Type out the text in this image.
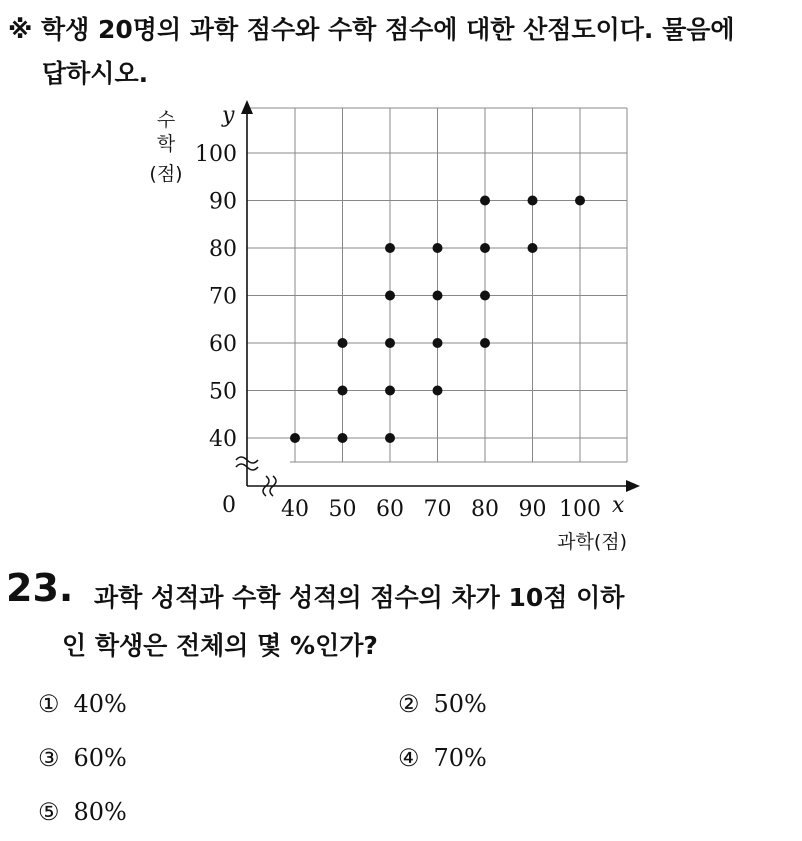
※ 학생 20명의 과학 점수와 수학 점수에 대한 산점도이다. 물음에
답하시오.
40 50 60 70 80 90 100
40
50
60
70
80
90
100
y
x
0
수 학 (점)
과학(점)
23. 과학 성적과 수학 성적의 점수의 차가 10점 이하
인 학생은 전체의 몇 %인가?
① 40%	② 50%
③ 60%	④ 70%
⑤ 80%
